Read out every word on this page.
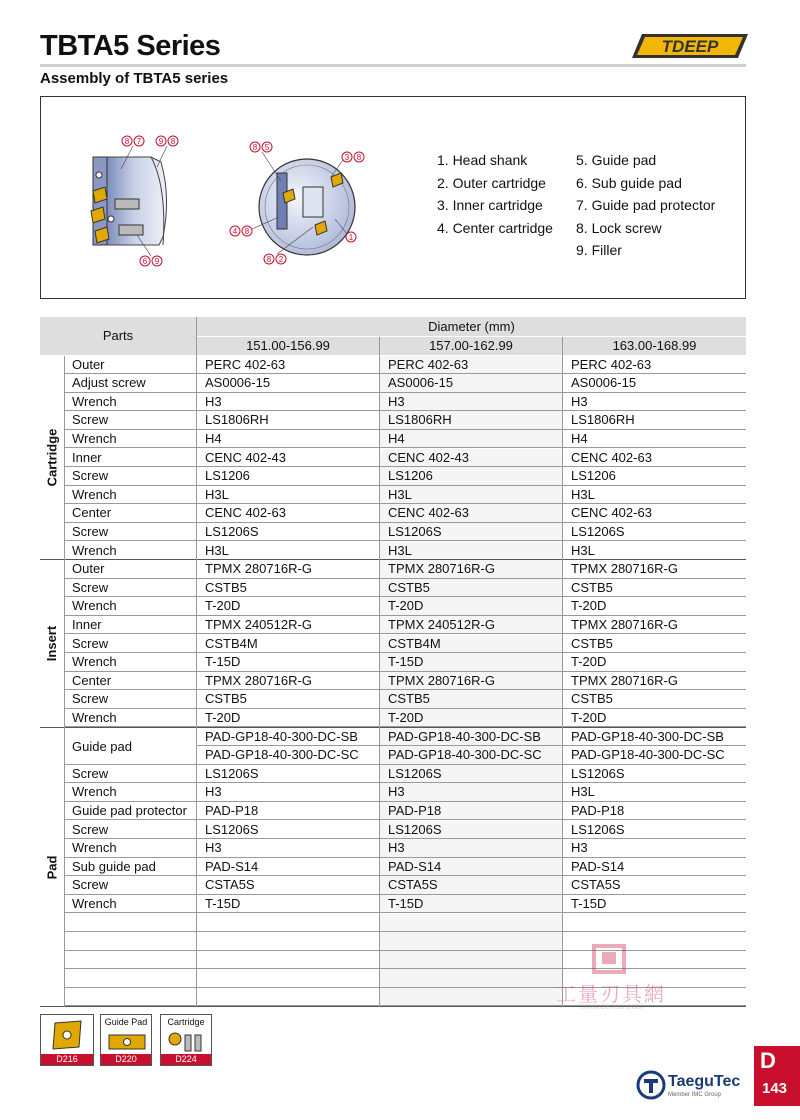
TBTA5 Series	TDEEP
Assembly of TBTA5 series
8 7 9 8
6 9
8 5
3 8
4 8
1
8 2
1. Head shank
2. Outer cartridge
3. Inner cartridge
4. Center cartridge
5. Guide pad
6. Sub guide pad
7. Guide pad protector
8. Lock screw
9. Filler
Parts
Diameter (mm)
151.00-156.99	157.00-162.99	163.00-168.99
Outer	PERC 402-63	PERC 402-63	PERC 402-63
Adjust screw	AS0006-15	AS0006-15	AS0006-15
Wrench	H3	H3	H3
Screw	LS1806RH	LS1806RH	LS1806RH
Wrench	H4	H4	H4
Inner	CENC 402-43	CENC 402-43	CENC 402-63
Screw	LS1206	LS1206	LS1206
Wrench	H3L	H3L	H3L
Center	CENC 402-63	CENC 402-63	CENC 402-63
Screw	LS1206S	LS1206S	LS1206S
Wrench	H3L	H3L	H3L
Cartridge
Outer	TPMX 280716R-G	TPMX 280716R-G	TPMX 280716R-G
Screw	CSTB5	CSTB5	CSTB5
Wrench	T-20D	T-20D	T-20D
Inner	TPMX 240512R-G	TPMX 240512R-G	TPMX 280716R-G
Screw	CSTB4M	CSTB4M	CSTB5
Wrench	T-15D	T-15D	T-20D
Center	TPMX 280716R-G	TPMX 280716R-G	TPMX 280716R-G
Screw	CSTB5	CSTB5	CSTB5
Wrench	T-20D	T-20D	T-20D
Insert
Guide pad
PAD-GP18-40-300-DC-SB	PAD-GP18-40-300-DC-SB	PAD-GP18-40-300-DC-SB
PAD-GP18-40-300-DC-SC	PAD-GP18-40-300-DC-SC	PAD-GP18-40-300-DC-SC
Screw	LS1206S	LS1206S	LS1206S
Wrench	H3	H3	H3L
Guide pad protector	PAD-P18	PAD-P18	PAD-P18
Screw	LS1206S	LS1206S	LS1206S
Wrench	H3	H3	H3
Sub guide pad	PAD-S14	PAD-S14	PAD-S14
Screw	CSTA5S	CSTA5S	CSTA5S
Wrench	T-15D	T-15D	T-15D
Pad
D216
Guide Pad
D220
Cartridge
D224
工量刃具網
WWW.GLRJW.COM
TaeguTec
Member IMC Group
D
143
